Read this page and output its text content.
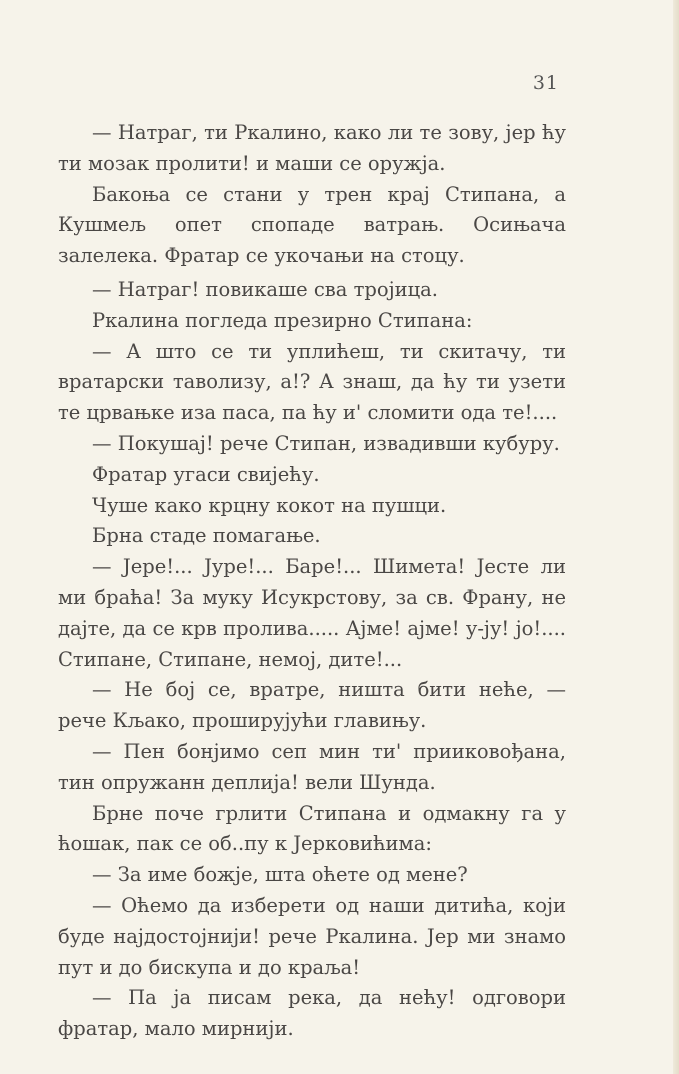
31

— Натраг, ти Ркалино, како ли те зову, јер ћу ти мозак пролити! и маши се оружја.

Бакоња се стани у трен крај Стипана, а Кушмељ опет спопаде ватрањ. Осињача залелека. Фратар се укочањи на стоцу.

— Натраг! повикаше сва тројица.

Ркалина погледа презирно Стипана:

— А што се ти уплићеш, ти скитачу, ти вратарски таволизу, а!? А знаш, да ћу ти узети те црвањке иза паса, па ћу и' сломити ода те!....

— Покушај! рече Стипан, извадивши кубуру.

Фратар угаси свијећу.

Чуше како крцну кокот на пушци.

Брна стаде помагање.

— Јере!... Јуре!... Баре!... Шимета! Јесте ли ми браћа! За муку Исукрстову, за св. Франу, не дајте, да се крв пролива..... Ајме! ајме! у-ју! јо!.... Стипане, Стипане, немој, дите!...

— Не бој се, вратре, ништа бити неће, — рече Кљако, проширујући главињу.

— Пен бонјимо сеп мин ти' прииковођана, тин опружанн деплија! вели Шунда.

Брне поче грлити Стипана и одмакну га у ћошак, пак се об..пу к Јерковићима:

— За име божје, шта оћете од мене?

— Оћемо да изберети од наши дитића, који буде најдостојнији! рече Ркалина. Јер ми знамо пут и до бискупа и до краља!

— Па ја писам река, да нећу! одговори фратар, мало мирнији.
